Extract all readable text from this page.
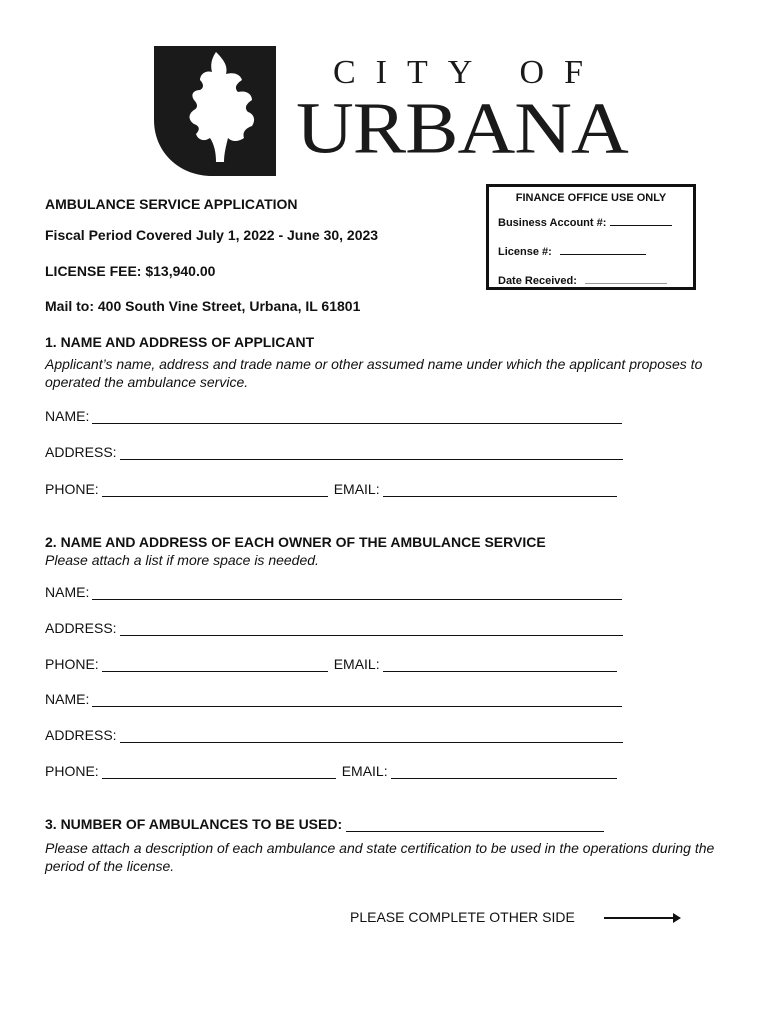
CITY OF
URBANA
AMBULANCE SERVICE APPLICATION
Fiscal Period Covered July 1, 2022 - June 30, 2023
LICENSE FEE: $13,940.00
Mail to: 400 South Vine Street, Urbana, IL 61801
FINANCE OFFICE USE ONLY
Business Account #:
License #:
Date Received:
1. NAME AND ADDRESS OF APPLICANT
Applicant’s name, address and trade name or other assumed name under which the applicant proposes to operated the ambulance service.
NAME:
ADDRESS:
PHONE:	EMAIL:
2. NAME AND ADDRESS OF EACH OWNER OF THE AMBULANCE SERVICE
Please attach a list if more space is needed.
NAME:
ADDRESS:
PHONE:	EMAIL:
NAME:
ADDRESS:
PHONE:	EMAIL:
3. NUMBER OF AMBULANCES TO BE USED:
Please attach a description of each ambulance and state certification to be used in the operations during the period of the license.
PLEASE COMPLETE OTHER SIDE
